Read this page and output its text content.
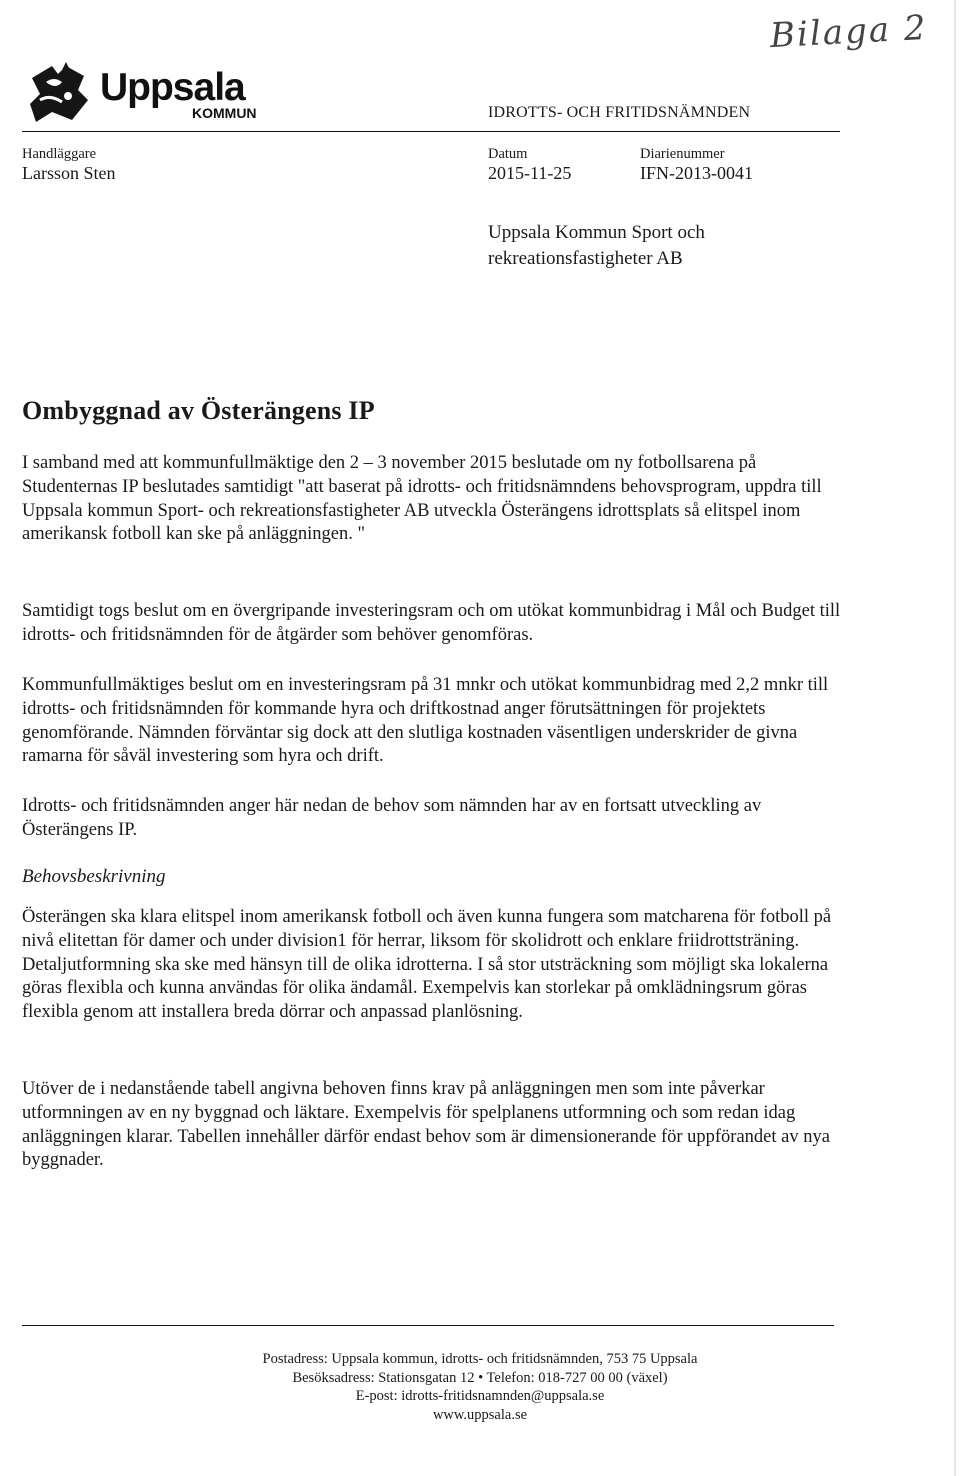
Bilaga 2
Uppsala
KOMMUN	IDROTTS- OCH FRITIDSNÄMNDEN
Handläggare
Larsson Sten
Datum
2015-11-25
Diarienummer
IFN-2013-0041
Uppsala Kommun Sport och
rekreationsfastigheter AB
Ombyggnad av Österängens IP

I samband med att kommunfullmäktige den 2 – 3 november 2015 beslutade om ny fotbollsarena på Studenternas IP beslutades samtidigt "att baserat på idrotts- och fritidsnämndens behovsprogram, uppdra till Uppsala kommun Sport- och rekreationsfastigheter AB utveckla Österängens idrottsplats så elitspel inom amerikansk fotboll kan ske på anläggningen. "

Samtidigt togs beslut om en övergripande investeringsram och om utökat kommunbidrag i Mål och Budget till idrotts- och fritidsnämnden för de åtgärder som behöver genomföras.

Kommunfullmäktiges beslut om en investeringsram på 31 mnkr och utökat kommunbidrag med 2,2 mnkr till idrotts- och fritidsnämnden för kommande hyra och driftkostnad anger förutsättningen för projektets genomförande. Nämnden förväntar sig dock att den slutliga kostnaden väsentligen underskrider de givna ramarna för såväl investering som hyra och drift.

Idrotts- och fritidsnämnden anger här nedan de behov som nämnden har av en fortsatt utveckling av Österängens IP.

Behovsbeskrivning

Österängen ska klara elitspel inom amerikansk fotboll och även kunna fungera som matcharena för fotboll på nivå elitettan för damer och under division1 för herrar, liksom för skolidrott och enklare friidrottsträning. Detaljutformning ska ske med hänsyn till de olika idrotterna. I så stor utsträckning som möjligt ska lokalerna göras flexibla och kunna användas för olika ändamål. Exempelvis kan storlekar på omklädningsrum göras flexibla genom att installera breda dörrar och anpassad planlösning.

Utöver de i nedanstående tabell angivna behoven finns krav på anläggningen men som inte påverkar utformningen av en ny byggnad och läktare. Exempelvis för spelplanens utformning och som redan idag anläggningen klarar. Tabellen innehåller därför endast behov som är dimensionerande för uppförandet av nya byggnader.

Postadress: Uppsala kommun, idrotts- och fritidsnämnden, 753 75 Uppsala
Besöksadress: Stationsgatan 12 • Telefon: 018-727 00 00 (växel)
E-post: idrotts-fritidsnamnden@uppsala.se
www.uppsala.se
